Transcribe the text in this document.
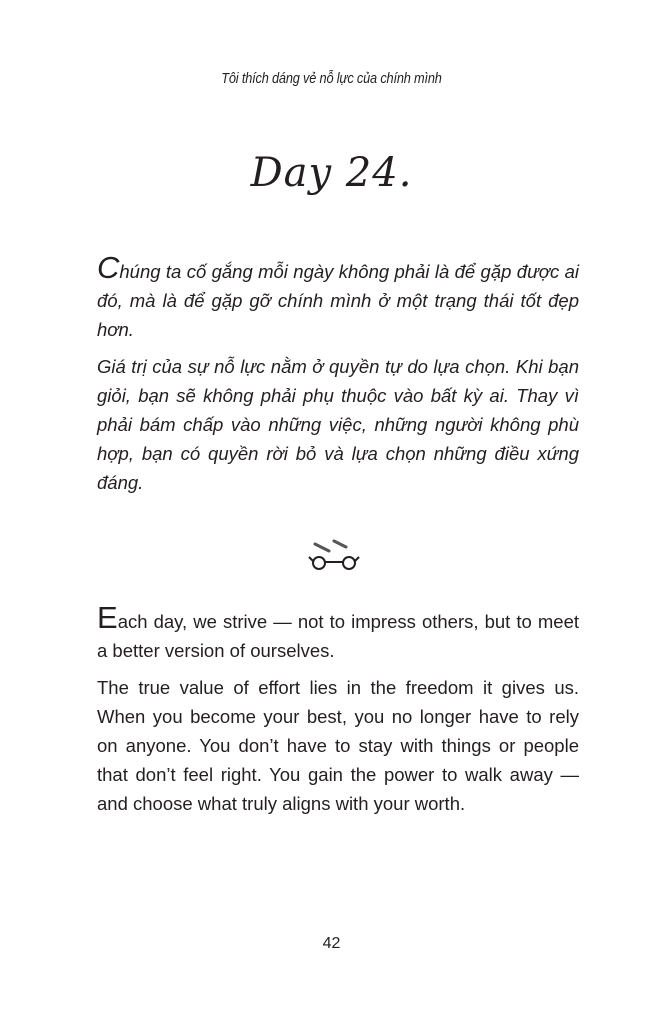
Tôi thích dáng vẻ nỗ lực của chính mình
Day 24.

Chúng ta cố gắng mỗi ngày không phải là để gặp được ai đó, mà là để gặp gỡ chính mình ở một trạng thái tốt đẹp hơn.

Giá trị của sự nỗ lực nằm ở quyền tự do lựa chọn. Khi bạn giỏi, bạn sẽ không phải phụ thuộc vào bất kỳ ai. Thay vì phải bám chấp vào những việc, những người không phù hợp, bạn có quyền rời bỏ và lựa chọn những điều xứng đáng.

Each day, we strive — not to impress others, but to meet a better version of ourselves.

The true value of effort lies in the freedom it gives us. When you become your best, you no longer have to rely on anyone. You don’t have to stay with things or people that don’t feel right. You gain the power to walk away — and choose what truly aligns with your worth.

42
